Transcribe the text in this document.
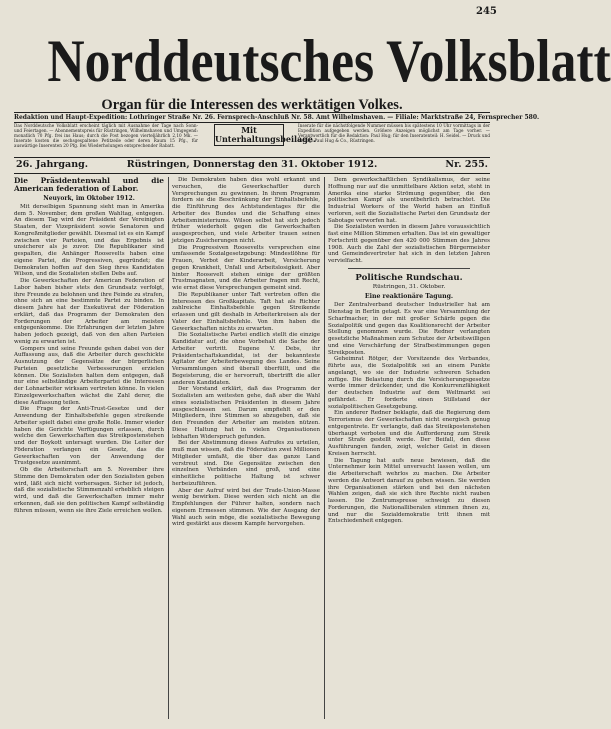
245
Norddeutsches Volksblatt
Organ für die Interessen des werktätigen Volkes.
Redaktion und Haupt-Expedition: Lothringer Straße Nr. 26. Fernsprech-Anschluß Nr. 58. Amt Wilhelmshaven. — Filiale: Marktstraße 24, Fernsprecher 580.
Das Norddeutsche Volksblatt erscheint täglich mit Ausnahme der Tage nach Sonn- und Feiertagen. — Abonnementspreis für Rüstringen, Wilhelmshaven und Umgegend: monatlich 70 Pfg. frei ins Haus; durch die Post bezogen vierteljährlich 2,10 Mk. — Inserate kosten die sechsgespaltene Petitzeile oder deren Raum 15 Pfg., für auswärtige Inserenten 20 Pfg. Bei Wiederholungen entsprechender Rabatt.
Mit
Unterhaltungsbeilage.
Inserate für die nächstfolgende Nummer müssen bis spätestens 10 Uhr vormittags in der Expedition aufgegeben werden. Größere Anzeigen möglichst am Tage vorher. — Verantwortlich für die Redaktion: Paul Hug; für den Inseratenteil: H. Seidel. — Druck und Verlag: Paul Hug & Co., Rüstringen.
26. Jahrgang.	Rüstringen, Donnerstag den 31. Oktober 1912.	Nr. 255.
Die Präsidentenwahl und die American federation of Labor.
Neuyork, im Oktober 1912.

Mit derselbigen Spannung sieht man in Amerika dem 5. November, dem großen Wahltag, entgegen. An diesem Tag wird der Präsident der Vereinigten Staaten, der Vizepräsident sowie Senatoren und Kongreßmitglieder gewählt. Diesmal ist es ein Kampf zwischen vier Parteien, und das Ergebnis ist unsicherer als je zuvor. Die Republikaner sind gespalten, die Anhänger Roosevelts haben eine eigene Partei, die Progressiven, gegründet; die Demokraten hoffen auf den Sieg ihres Kandidaten Wilson, und die Sozialisten stellen Debs auf.

Die Gewerkschaften der American Federation of Labor haben bisher stets den Grundsatz verfolgt, ihre Freunde zu belohnen und ihre Feinde zu strafen, ohne sich an eine bestimmte Partei zu binden. In diesem Jahre hat der Exekutivrat der Föderation erklärt, daß das Programm der Demokraten den Forderungen der Arbeiter am meisten entgegenkomme. Die Erfahrungen der letzten Jahre haben jedoch gezeigt, daß von den alten Parteien wenig zu erwarten ist.

Gompers und seine Freunde gehen dabei von der Auffassung aus, daß die Arbeiter durch geschickte Ausnutzung der Gegensätze der bürgerlichen Parteien gesetzliche Verbesserungen erzielen können. Die Sozialisten halten dem entgegen, daß nur eine selbständige Arbeiterpartei die Interessen der Lohnarbeiter wirksam vertreten könne. In vielen Einzelgewerkschaften wächst die Zahl derer, die diese Auffassung teilen.

Die Frage der Anti-Trust-Gesetze und der Anwendung der Einhaltsbefehle gegen streikende Arbeiter spielt dabei eine große Rolle. Immer wieder haben die Gerichte Verfügungen erlassen, durch welche den Gewerkschaften das Streikpostenstehen und der Boykott untersagt wurden. Die Leiter der Föderation verlangen ein Gesetz, das die Gewerkschaften von der Anwendung der Trustgesetze ausnimmt.

Ob die Arbeiterschaft am 5. November ihre Stimme den Demokraten oder den Sozialisten geben wird, läßt sich nicht vorhersagen. Sicher ist jedoch, daß die sozialistische Stimmenzahl erheblich steigen wird, und daß die Gewerkschaften immer mehr erkennen, daß sie den politischen Kampf selbständig führen müssen, wenn sie ihre Ziele erreichen wollen.

Die Demokraten haben dies wohl erkannt und versuchen, die Gewerkschaftler durch Versprechungen zu gewinnen. In ihrem Programm fordern sie die Beschränkung der Einhaltsbefehle, die Einführung des Achtstundentages für die Arbeiter des Bundes und die Schaffung eines Arbeitsministeriums. Wilson selbst hat sich jedoch früher wiederholt gegen die Gewerkschaften ausgesprochen, und viele Arbeiter trauen seinen jetzigen Zusicherungen nicht.

Die Progressiven Roosevelts versprechen eine umfassende Sozialgesetzgebung: Mindestlöhne für Frauen, Verbot der Kinderarbeit, Versicherung gegen Krankheit, Unfall und Arbeitslosigkeit. Aber hinter Roosevelt stehen einige der größten Trustmagnaten, und die Arbeiter fragen mit Recht, wie ernst diese Versprechungen gemeint sind.

Die Republikaner unter Taft vertreten offen die Interessen des Großkapitals. Taft hat als Richter zahlreiche Einhaltsbefehle gegen Streikende erlassen und gilt deshalb in Arbeiterkreisen als der Vater der Einhaltsbefehle. Von ihm haben die Gewerkschaften nichts zu erwarten.

Die Sozialistische Partei endlich stellt die einzige Kandidatur auf, die ohne Vorbehalt die Sache der Arbeiter vertritt. Eugene V. Debs, ihr Präsidentschaftskandidat, ist der bekannteste Agitator der Arbeiterbewegung des Landes. Seine Versammlungen sind überall überfüllt, und die Begeisterung, die er hervorruft, übertrifft die aller anderen Kandidaten.

Der Vorstand erklärt, daß das Programm der Sozialisten am weitesten gehe, daß aber die Wahl eines sozialistischen Präsidenten in diesem Jahre ausgeschlossen sei. Darum empfiehlt er den Mitgliedern, ihre Stimmen so abzugeben, daß sie den Freunden der Arbeiter am meisten nützen. Diese Haltung hat in vielen Organisationen lebhaften Widerspruch gefunden.

Bei der Abstimmung dieses Aufrufes zu urteilen, muß man wissen, daß die Föderation zwei Millionen Mitglieder umfaßt, die über das ganze Land verstreut sind. Die Gegensätze zwischen den einzelnen Verbänden sind groß, und eine einheitliche politische Haltung ist schwer herbeizuführen.

Aber der Aufruf wird bei der Trade-Union-Masse wenig bewirken. Diese werden sich nicht an die Empfehlungen der Führer halten, sondern nach eigenem Ermessen stimmen. Wie der Ausgang der Wahl auch sein möge, die sozialistische Bewegung wird gestärkt aus diesem Kampfe hervorgehen.

Dem gewerkschaftlichen Syndikalismus, der seine Hoffnung nur auf die unmittelbare Aktion setzt, steht in Amerika eine starke Strömung gegenüber, die den politischen Kampf als unentbehrlich betrachtet. Die Industrial Workers of the World haben an Einfluß verloren, seit die Sozialistische Partei den Grundsatz der Sabotage verworfen hat.

Die Sozialisten werden in diesem Jahre voraussichtlich fast eine Million Stimmen erhalten. Das ist ein gewaltiger Fortschritt gegenüber den 420 000 Stimmen des Jahres 1908. Auch die Zahl der sozialistischen Bürgermeister und Gemeindevertreter hat sich in den letzten Jahren vervielfacht.

Politische Rundschau.
Rüstringen, 31. Oktober.
Eine reaktionäre Tagung.

Der Zentralverband deutscher Industrieller hat am Dienstag in Berlin getagt. Es war eine Versammlung der Scharfmacher, in der mit großer Schärfe gegen die Sozialpolitik und gegen das Koalitionsrecht der Arbeiter Stellung genommen wurde. Die Redner verlangten gesetzliche Maßnahmen zum Schutze der Arbeitswilligen und eine Verschärfung der Strafbestimmungen gegen Streikposten.

Geheimrat Rötger, der Vorsitzende des Verbandes, führte aus, die Sozialpolitik sei an einem Punkte angelangt, wo sie der Industrie schweren Schaden zufüge. Die Belastung durch die Versicherungsgesetze werde immer drückender, und die Konkurrenzfähigkeit der deutschen Industrie auf dem Weltmarkt sei gefährdet. Er forderte einen Stillstand der sozialpolitischen Gesetzgebung.

Ein anderer Redner beklagte, daß die Regierung dem Terrorismus der Gewerkschaften nicht energisch genug entgegentrete. Er verlangte, daß das Streikpostenstehen überhaupt verboten und die Aufforderung zum Streik unter Strafe gestellt werde. Der Beifall, den diese Ausführungen fanden, zeigt, welcher Geist in diesen Kreisen herrscht.

Die Tagung hat aufs neue bewiesen, daß die Unternehmer kein Mittel unversucht lassen wollen, um die Arbeiterschaft wehrlos zu machen. Die Arbeiter werden die Antwort darauf zu geben wissen. Sie werden ihre Organisationen stärken und bei den nächsten Wahlen zeigen, daß sie sich ihre Rechte nicht rauben lassen. Die Zentrumspresse schweigt zu diesen Forderungen, die Nationalliberalen stimmen ihnen zu, und nur die Sozialdemokratie tritt ihnen mit Entschiedenheit entgegen.
